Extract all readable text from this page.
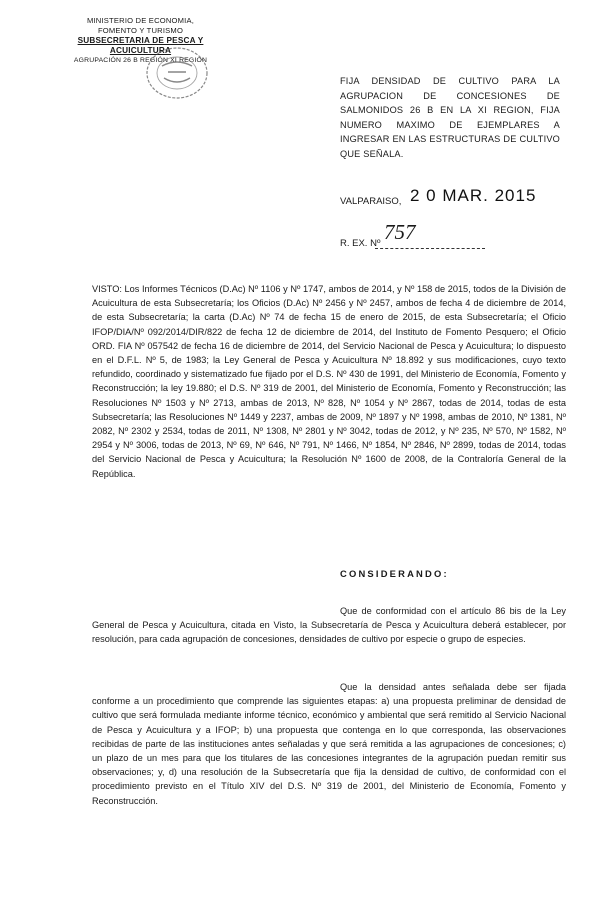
MINISTERIO DE ECONOMIA,
FOMENTO Y TURISMO
SUBSECRETARIA DE PESCA Y ACUICULTURA
AGRUPACIÓN 26 B REGIÓN XI REGION
FIJA DENSIDAD DE CULTIVO PARA LA AGRUPACION DE CONCESIONES DE SALMONIDOS 26 B EN LA XI REGION, FIJA NUMERO MAXIMO DE EJEMPLARES A INGRESAR EN LAS ESTRUCTURAS DE CULTIVO QUE SEÑALA.
VALPARAISO, 2 0 MAR. 2015
R. EX. Nº 757
VISTO: Los Informes Técnicos (D.Ac) Nº 1106 y Nº 1747, ambos de 2014, y Nº 158 de 2015, todos de la División de Acuicultura de esta Subsecretaría; los Oficios (D.Ac) Nº 2456 y Nº 2457, ambos de fecha 4 de diciembre de 2014, de esta Subsecretaría; la carta (D.Ac) Nº 74 de fecha 15 de enero de 2015, de esta Subsecretaría; el Oficio IFOP/DIA/Nº 092/2014/DIR/822 de fecha 12 de diciembre de 2014, del Instituto de Fomento Pesquero; el Oficio ORD. FIA Nº 057542 de fecha 16 de diciembre de 2014, del Servicio Nacional de Pesca y Acuicultura; lo dispuesto en el D.F.L. Nº 5, de 1983; la Ley General de Pesca y Acuicultura Nº 18.892 y sus modificaciones, cuyo texto refundido, coordinado y sistematizado fue fijado por el D.S. Nº 430 de 1991, del Ministerio de Economía, Fomento y Reconstrucción; la ley 19.880; el D.S. Nº 319 de 2001, del Ministerio de Economía, Fomento y Reconstrucción; las Resoluciones Nº 1503 y Nº 2713, ambas de 2013, Nº 828, Nº 1054 y Nº 2867, todas de 2014, todas de esta Subsecretaría; las Resoluciones Nº 1449 y 2237, ambas de 2009, Nº 1897 y Nº 1998, ambas de 2010, Nº 1381, Nº 2082, Nº 2302 y 2534, todas de 2011, Nº 1308, Nº 2801 y Nº 3042, todas de 2012, y Nº 235, Nº 570, Nº 1582, Nº 2954 y Nº 3006, todas de 2013, Nº 69, Nº 646, Nº 791, Nº 1466, Nº 1854, Nº 2846, Nº 2899, todas de 2014, todas del Servicio Nacional de Pesca y Acuicultura; la Resolución Nº 1600 de 2008, de la Contraloría General de la República.
CONSIDERANDO:
Que de conformidad con el artículo 86 bis de la Ley General de Pesca y Acuicultura, citada en Visto, la Subsecretaría de Pesca y Acuicultura deberá establecer, por resolución, para cada agrupación de concesiones, densidades de cultivo por especie o grupo de especies.
Que la densidad antes señalada debe ser fijada conforme a un procedimiento que comprende las siguientes etapas: a) una propuesta preliminar de densidad de cultivo que será formulada mediante informe técnico, económico y ambiental que será remitido al Servicio Nacional de Pesca y Acuicultura y a IFOP; b) una propuesta que contenga en lo que corresponda, las observaciones recibidas de parte de las instituciones antes señaladas y que será remitida a las agrupaciones de concesiones; c) un plazo de un mes para que los titulares de las concesiones integrantes de la agrupación puedan remitir sus observaciones; y, d) una resolución de la Subsecretaría que fija la densidad de cultivo, de conformidad con el procedimiento previsto en el Título XIV del D.S. Nº 319 de 2001, del Ministerio de Economía, Fomento y Reconstrucción.
